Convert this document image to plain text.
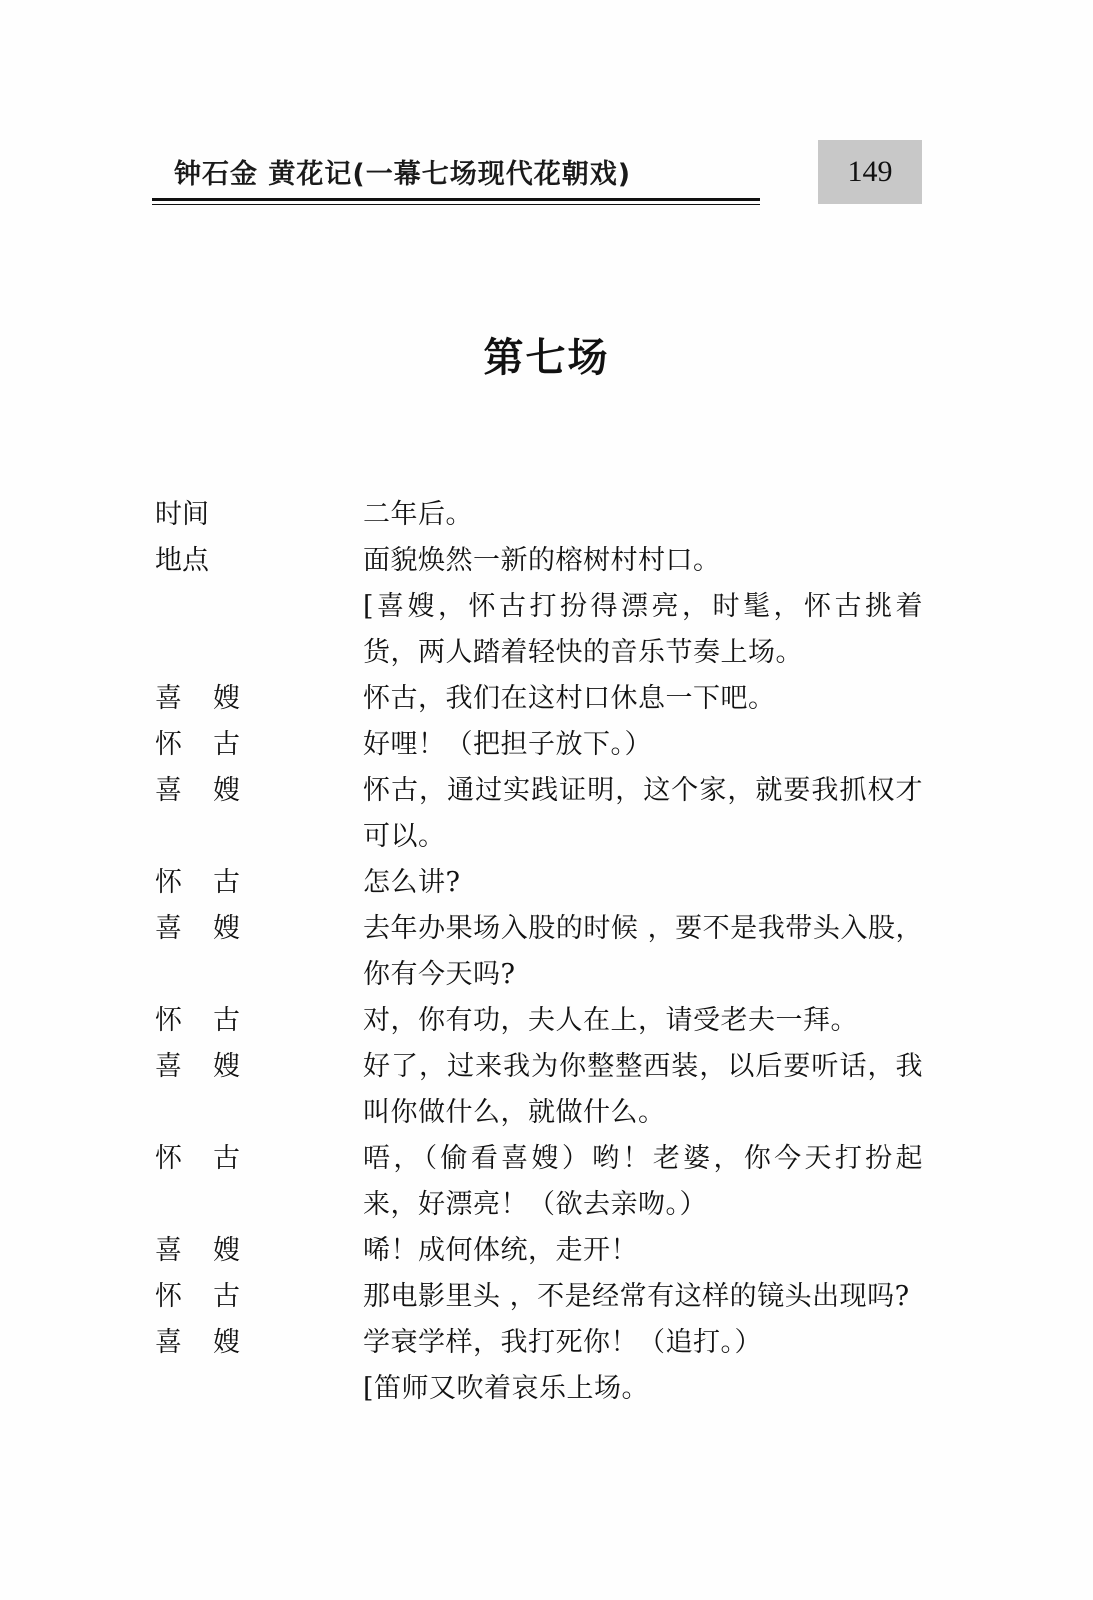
钟石金 黄花记(一幕七场现代花朝戏)	149
第七场
时间	二年后。
地点	面貌焕然一新的榕树村村口。
[喜嫂，怀古打扮得漂亮，时髦，怀古挑着货，两人踏着轻快的音乐节奏上场。
喜 嫂	怀古，我们在这村口休息一下吧。
怀 古	好哩！（把担子放下。）
喜 嫂	怀古，通过实践证明，这个家，就要我抓权才可以。
怀 古	怎么讲?
喜 嫂	去年办果场入股的时候 ，要不是我带头入股，你有今天吗?
怀 古	对，你有功，夫人在上，请受老夫一拜。
喜 嫂	好了，过来我为你整整西装，以后要听话，我叫你做什么，就做什么。
怀 古	唔，（偷看喜嫂）哟！老婆，你今天打扮起来，好漂亮！（欲去亲吻。）
喜 嫂	唏！成何体统，走开！
怀 古	那电影里头 ，不是经常有这样的镜头出现吗?
喜 嫂	学衰学样，我打死你！（追打。）
[笛师又吹着哀乐上场。
